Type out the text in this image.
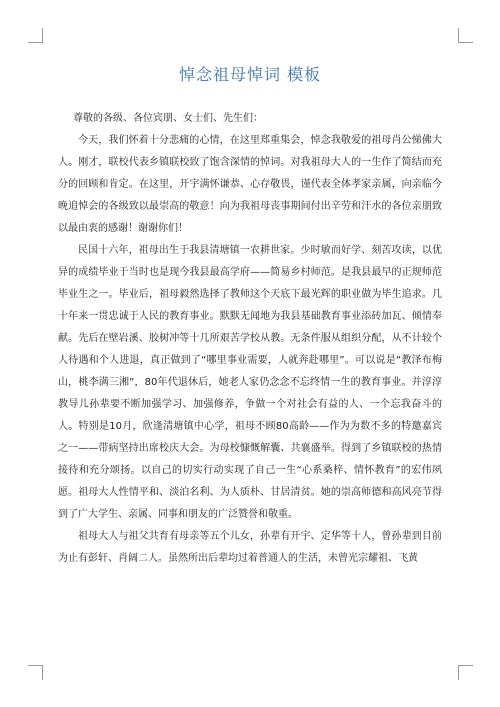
悼念祖母悼词 模板

尊敬的各级、各位宾朋、女士们、先生们：

今天，我们怀着十分悲痛的心情，在这里郑重集会，悼念我敬爱的祖母肖公悌佛大人。刚才，联校代表乡镇联校致了饱含深情的悼词。对我祖母大人的一生作了简结而充分的回顾和肯定。在这里，开宇满怀谦恭、心存敬畏，谨代表全体孝家亲属，向亲临今晚追悼会的各级致以最崇高的敬意！向为我祖母丧事期间付出辛劳和汗水的各位亲朋致以最由衷的感谢！谢谢你们！

民国十六年，祖母出生于我县清塘镇一农耕世家。少时敏而好学、刻苦攻读，以优异的成绩毕业于当时也是现今我县最高学府——简易乡村师范。是我县最早的正规师范毕业生之一。毕业后，祖母毅然选择了教师这个天底下最光辉的职业做为毕生追求。几十年来一贯忠诚于人民的教育事业。默默无闻地为我县基础教育事业添砖加瓦、倾情奉献。先后在壁岩溪、胶树冲等十几所艰苦学校从教。无条件服从组织分配，从不计较个人待遇和个人进退，真正做到了“哪里事业需要，人就奔赴哪里”。可以说是“教泽布梅山，桃李满三湘”，80年代退休后，她老人家仍念念不忘终情一生的教育事业。并淳淳教导儿孙辈要不断加强学习、加强修养，争做一个对社会有益的人、一个忘我奋斗的人。特别是10月，欣逢清塘镇中心学，祖母不顾80高龄——作为为数不多的特邀嘉宾之一——带病坚持出席校庆大会。为母校慷慨解囊、共襄盛举。得到了乡镇联校的热情接待和充分颂扬。以自己的切实行动实现了自己一生“心系桑梓、情怀教育”的宏伟夙愿。祖母大人性情平和、淡泊名利、为人质朴、甘居清贫。她的崇高师德和高风亮节得到了广大学生、亲属、同事和朋友的广泛赞誉和敬重。

祖母大人与祖父共育有母亲等五个儿女，孙辈有开宇、定华等十人，曾孙辈到目前为止有彭轩、肖阔二人。虽然所出后辈均过着普通人的生活，未曾光宗耀祖、飞黄
